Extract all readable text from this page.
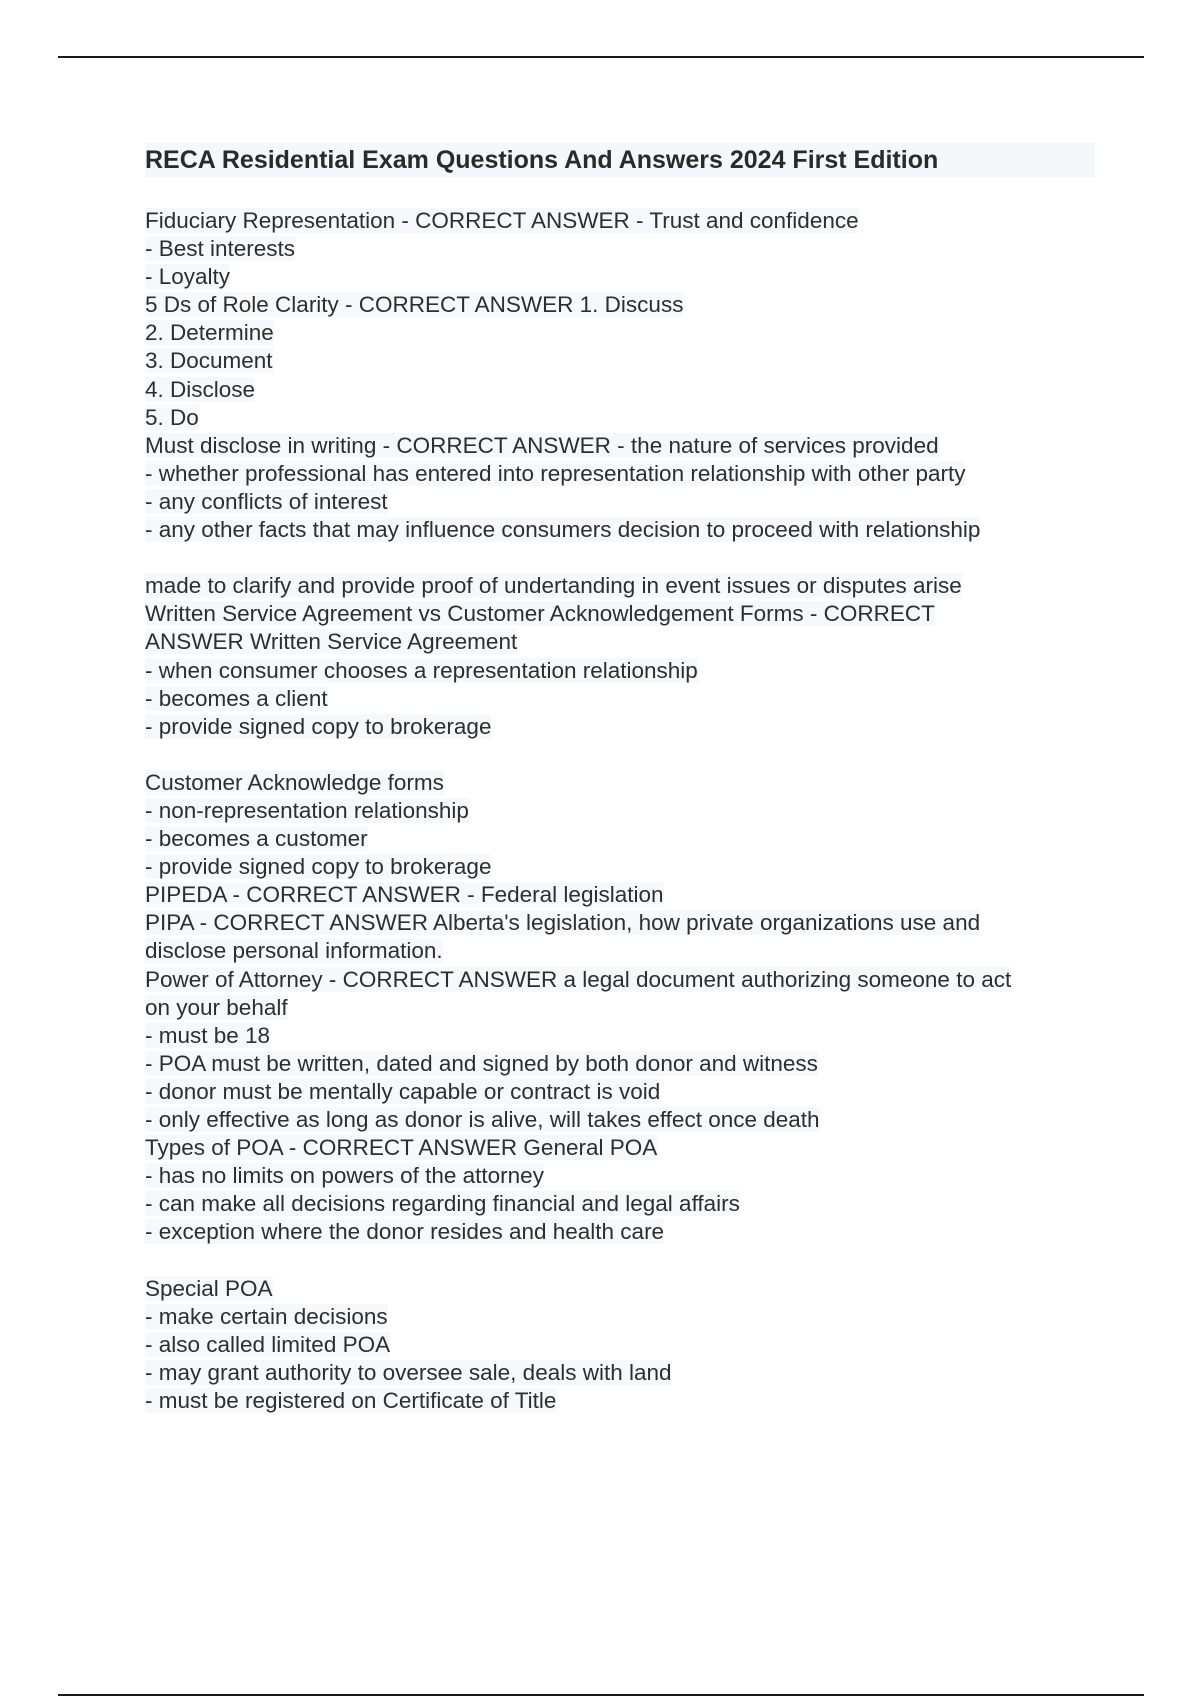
RECA Residential Exam Questions And Answers 2024 First Edition
Fiduciary Representation - CORRECT ANSWER - Trust and confidence
- Best interests
- Loyalty
5 Ds of Role Clarity - CORRECT ANSWER 1. Discuss
2. Determine
3. Document
4. Disclose
5. Do
Must disclose in writing - CORRECT ANSWER - the nature of services provided
- whether professional has entered into representation relationship with other party
- any conflicts of interest
- any other facts that may influence consumers decision to proceed with relationship
made to clarify and provide proof of undertanding in event issues or disputes arise
Written Service Agreement vs Customer Acknowledgement Forms - CORRECT
ANSWER Written Service Agreement
- when consumer chooses a representation relationship
- becomes a client
- provide signed copy to brokerage
Customer Acknowledge forms
- non-representation relationship
- becomes a customer
- provide signed copy to brokerage
PIPEDA - CORRECT ANSWER - Federal legislation
PIPA - CORRECT ANSWER Alberta's legislation, how private organizations use and
disclose personal information.
Power of Attorney - CORRECT ANSWER a legal document authorizing someone to act
on your behalf
- must be 18
- POA must be written, dated and signed by both donor and witness
- donor must be mentally capable or contract is void
- only effective as long as donor is alive, will takes effect once death
Types of POA - CORRECT ANSWER General POA
- has no limits on powers of the attorney
- can make all decisions regarding financial and legal affairs
- exception where the donor resides and health care
Special POA
- make certain decisions
- also called limited POA
- may grant authority to oversee sale, deals with land
- must be registered on Certificate of Title
